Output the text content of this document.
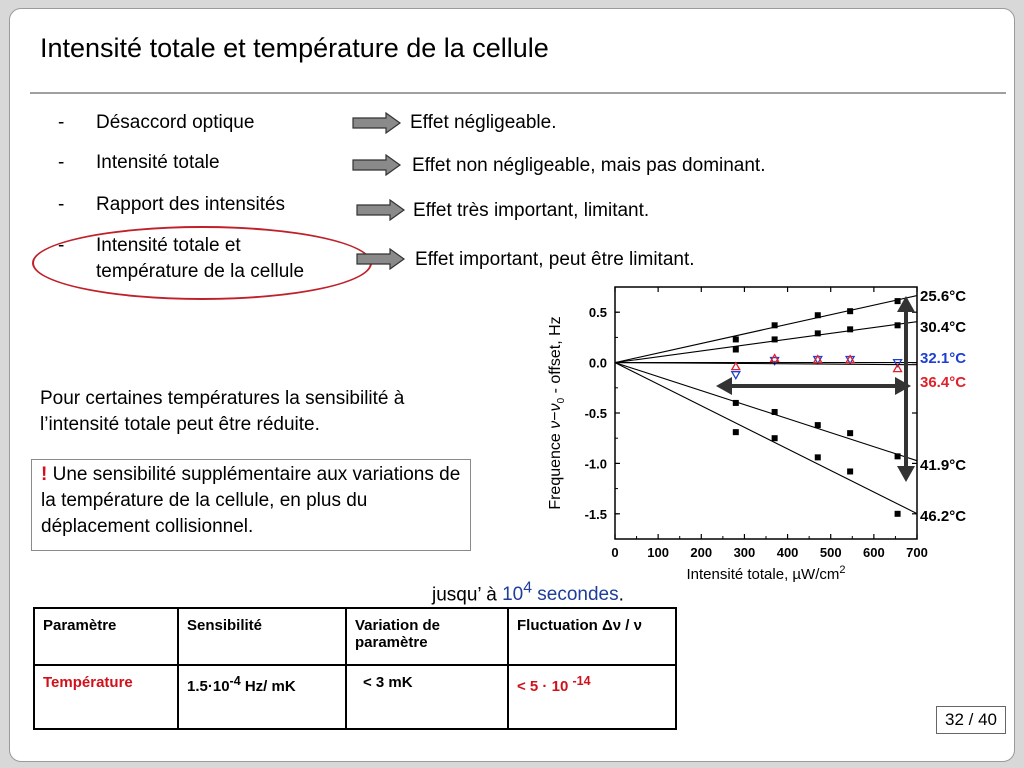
Intensité totale et température de la cellule
- Désaccord optique
- Intensité totale
- Rapport des intensités
- Intensité totale et
température de la cellule
Effet négligeable.
Effet non négligeable, mais pas dominant.
Effet très important, limitant.
Effet important, peut être limitant.
Pour certaines températures la sensibilité à l’intensité totale peut être réduite.
! Une sensibilité supplémentaire aux variations de la température de la cellule, en plus du déplacement collisionnel.
0 100 200 300 400 500 600 700
0.5
0.0
-0.5
-1.0
-1.5
Intensité totale, $\mu W/cm^2$
Frequence $\nu-\nu_0$ - offset, Hz
25.6°C
30.4°C
32.1°C
36.4°C
41.9°C
46.2°C
jusqu’ à $10^4$ secondes.
Paramètre	Sensibilité	Variation de paramètre	Fluctuation Δν / ν
Température	$1.5\cdot 10^{-4}$ Hz/ mK	< 3 mK	< 5 · 10 $^{-14}$
32 / 40
